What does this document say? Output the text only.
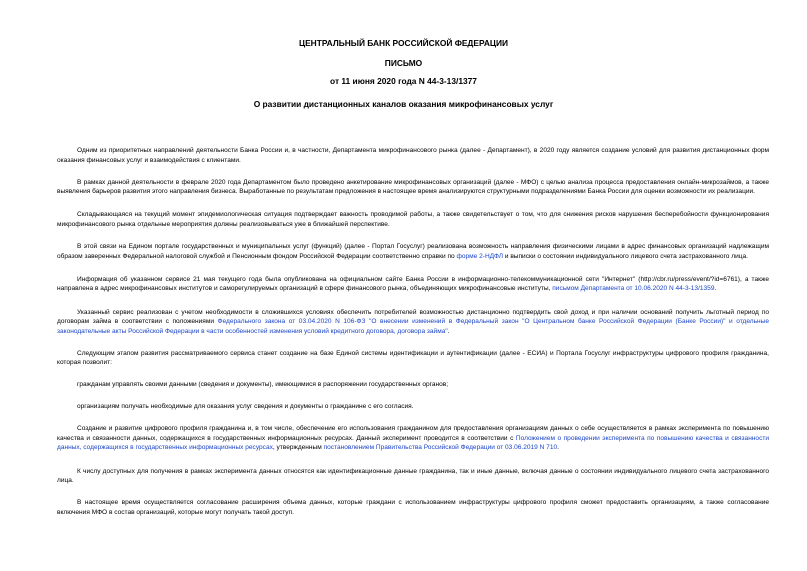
ЦЕНТРАЛЬНЫЙ БАНК РОССИЙСКОЙ ФЕДЕРАЦИИ
ПИСЬМО
от 11 июня 2020 года N 44-3-13/1377
О развитии дистанционных каналов оказания микрофинансовых услуг

Одним из приоритетных направлений деятельности Банка России и, в частности, Департамента микрофинансового рынка (далее - Департамент), в 2020 году является создание условий для развития дистанционных форм оказания финансовых услуг и взаимодействия с клиентами.

В рамках данной деятельности в феврале 2020 года Департаментом было проведено анкетирование микрофинансовых организаций (далее - МФО) с целью анализа процесса предоставления онлайн-микрозаймов, а также выявления барьеров развития этого направления бизнеса. Выработанные по результатам предложения в настоящее время анализируются структурными подразделениями Банка России для оценки возможности их реализации.

Складывающаяся на текущий момент эпидемиологическая ситуация подтверждает важность проводимой работы, а также свидетельствует о том, что для снижения рисков нарушения бесперебойности функционирования микрофинансового рынка отдельные мероприятия должны реализовываться уже в ближайшей перспективе.

В этой связи на Едином портале государственных и муниципальных услуг (функций) (далее - Портал Госуслуг) реализована возможность направления физическими лицами в адрес финансовых организаций надлежащим образом заверенных Федеральной налоговой службой и Пенсионным фондом Российской Федерации соответственно справки по форме 2-НДФЛ и выписки о состоянии индивидуального лицевого счета застрахованного лица.

Информация об указанном сервисе 21 мая текущего года была опубликована на официальном сайте Банка России в информационно-телекоммуникационной сети "Интернет" (http://cbr.ru/press/event/?id=6761), а также направлена в адрес микрофинансовых институтов и саморегулируемых организаций в сфере финансового рынка, объединяющих микрофинансовые институты, письмом Департамента от 10.06.2020 N 44-3-13/1359.

Указанный сервис реализован с учетом необходимости в сложившихся условиях обеспечить потребителей возможностью дистанционно подтвердить свой доход и при наличии оснований получить льготный период по договорам займа в соответствии с положениями Федерального закона от 03.04.2020 N 106-ФЗ "О внесении изменений в Федеральный закон "О Центральном банке Российской Федерации (Банке России)" и отдельные законодательные акты Российской Федерации в части особенностей изменения условий кредитного договора, договора займа".

Следующим этапом развития рассматриваемого сервиса станет создание на базе Единой системы идентификации и аутентификации (далее - ЕСИА) и Портала Госуслуг инфраструктуры цифрового профиля гражданина, которая позволит:

гражданам управлять своими данными (сведения и документы), имеющимися в распоряжении государственных органов;

организациям получать необходимые для оказания услуг сведения и документы о гражданине с его согласия.

Создание и развитие цифрового профиля гражданина и, в том числе, обеспечение его использования гражданином для предоставления организациям данных о себе осуществляется в рамках эксперимента по повышению качества и связанности данных, содержащихся в государственных информационных ресурсах. Данный эксперимент проводится в соответствии с Положением о проведении эксперимента по повышению качества и связанности данных, содержащихся в государственных информационных ресурсах, утвержденным постановлением Правительства Российской Федерации от 03.06.2019 N 710.

К числу доступных для получения в рамках эксперимента данных относятся как идентификационные данные гражданина, так и иные данные, включая данные о состоянии индивидуального лицевого счета застрахованного лица.

В настоящее время осуществляется согласование расширения объема данных, которые граждани с использованием инфраструктуры цифрового профиля сможет предоставить организациям, а также согласование включения МФО в состав организаций, которые могут получать такой доступ.
